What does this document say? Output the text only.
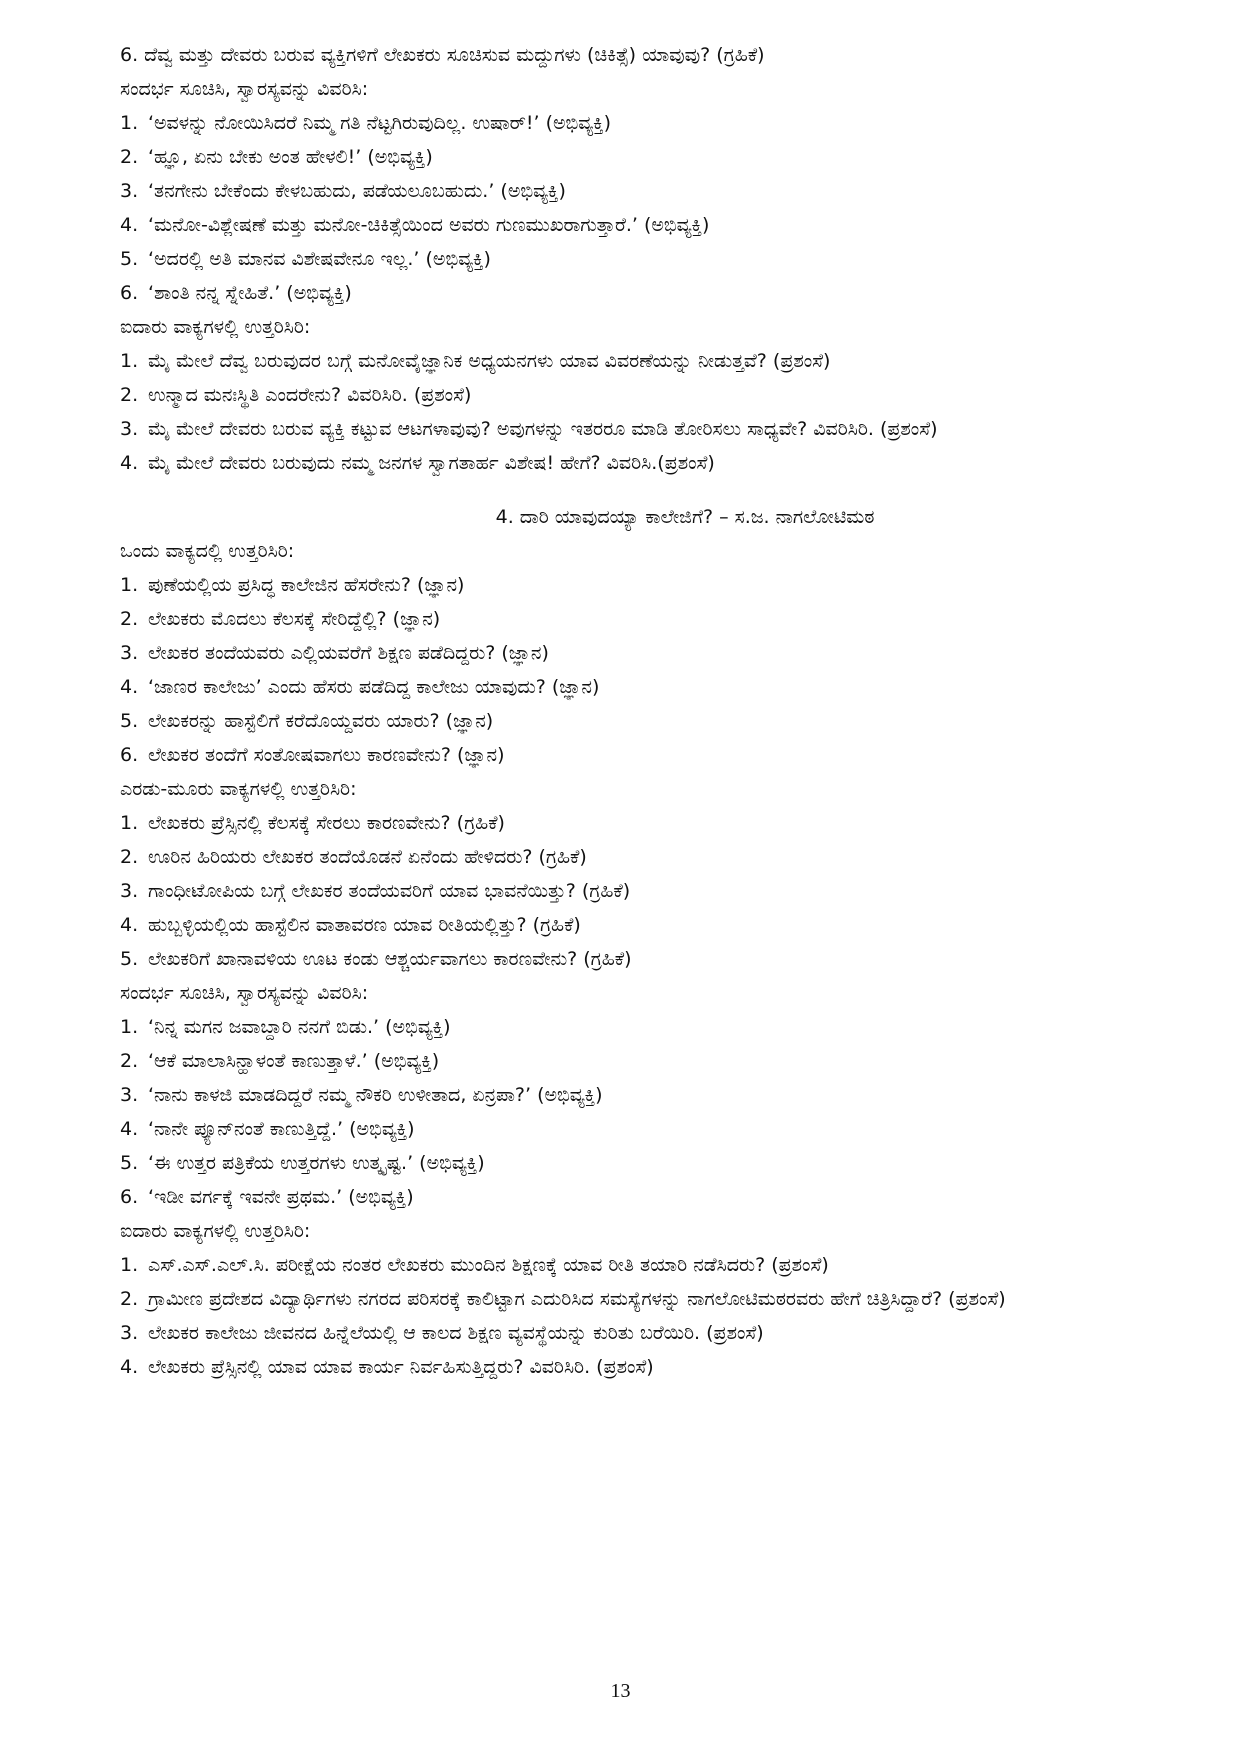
6. ದೆವ್ವ ಮತ್ತು ದೇವರು ಬರುವ ವ್ಯಕ್ತಿಗಳಿಗೆ ಲೇಖಕರು ಸೂಚಿಸುವ ಮದ್ದುಗಳು (ಚಿಕಿತ್ಸೆ) ಯಾವುವು? (ಗ್ರಹಿಕೆ)
ಸಂದರ್ಭ ಸೂಚಿಸಿ, ಸ್ವಾರಸ್ಯವನ್ನು ವಿವರಿಸಿ:
1. ‘ಅವಳನ್ನು ನೋಯಿಸಿದರೆ ನಿಮ್ಮ ಗತಿ ನೆಟ್ಟಗಿರುವುದಿಲ್ಲ. ಉಷಾರ್!’ (ಅಭಿವ್ಯಕ್ತಿ)
2. ‘ಹ್ಞೂ, ಏನು ಬೇಕು ಅಂತ ಹೇಳಲಿ!’ (ಅಭಿವ್ಯಕ್ತಿ)
3. ‘ತನಗೇನು ಬೇಕೆಂದು ಕೇಳಬಹುದು, ಪಡೆಯಲೂಬಹುದು.’ (ಅಭಿವ್ಯಕ್ತಿ)
4. ‘ಮನೋ-ವಿಶ್ಲೇಷಣೆ ಮತ್ತು ಮನೋ-ಚಿಕಿತ್ಸೆಯಿಂದ ಅವರು ಗುಣಮುಖರಾಗುತ್ತಾರೆ.’ (ಅಭಿವ್ಯಕ್ತಿ)
5. ‘ಅದರಲ್ಲಿ ಅತಿ ಮಾನವ ವಿಶೇಷವೇನೂ ಇಲ್ಲ.’ (ಅಭಿವ್ಯಕ್ತಿ)
6. ‘ಶಾಂತಿ ನನ್ನ ಸ್ನೇಹಿತೆ.’ (ಅಭಿವ್ಯಕ್ತಿ)
ಐದಾರು ವಾಕ್ಯಗಳಲ್ಲಿ ಉತ್ತರಿಸಿರಿ:
1. ಮೈ ಮೇಲೆ ದೆವ್ವ ಬರುವುದರ ಬಗ್ಗೆ ಮನೋವೈಜ್ಞಾನಿಕ ಅಧ್ಯಯನಗಳು ಯಾವ ವಿವರಣೆಯನ್ನು ನೀಡುತ್ತವೆ? (ಪ್ರಶಂಸೆ)
2. ಉನ್ಮಾದ ಮನಃಸ್ಥಿತಿ ಎಂದರೇನು? ವಿವರಿಸಿರಿ. (ಪ್ರಶಂಸೆ)
3. ಮೈ ಮೇಲೆ ದೇವರು ಬರುವ ವ್ಯಕ್ತಿ ಕಟ್ಟುವ ಆಟಗಳಾವುವು? ಅವುಗಳನ್ನು ಇತರರೂ ಮಾಡಿ ತೋರಿಸಲು ಸಾಧ್ಯವೇ? ವಿವರಿಸಿರಿ. (ಪ್ರಶಂಸೆ)
4. ಮೈ ಮೇಲೆ ದೇವರು ಬರುವುದು ನಮ್ಮ ಜನಗಳ ಸ್ವಾಗತಾರ್ಹ ವಿಶೇಷ! ಹೇಗೆ? ವಿವರಿಸಿ.(ಪ್ರಶಂಸೆ)
4. ದಾರಿ ಯಾವುದಯ್ಯಾ ಕಾಲೇಜಿಗೆ? – ಸ.ಜ. ನಾಗಲೋಟಿಮಠ
ಒಂದು ವಾಕ್ಯದಲ್ಲಿ ಉತ್ತರಿಸಿರಿ:
1. ಪುಣೆಯಲ್ಲಿಯ ಪ್ರಸಿದ್ಧ ಕಾಲೇಜಿನ ಹೆಸರೇನು? (ಜ್ಞಾನ)
2. ಲೇಖಕರು ಮೊದಲು ಕೆಲಸಕ್ಕೆ ಸೇರಿದ್ದೆಲ್ಲಿ? (ಜ್ಞಾನ)
3. ಲೇಖಕರ ತಂದೆಯವರು ಎಲ್ಲಿಯವರೆಗೆ ಶಿಕ್ಷಣ ಪಡೆದಿದ್ದರು? (ಜ್ಞಾನ)
4. ‘ಜಾಣರ ಕಾಲೇಜು’ ಎಂದು ಹೆಸರು ಪಡೆದಿದ್ದ ಕಾಲೇಜು ಯಾವುದು? (ಜ್ಞಾನ)
5. ಲೇಖಕರನ್ನು ಹಾಸ್ಟೆಲಿಗೆ ಕರೆದೊಯ್ದವರು ಯಾರು? (ಜ್ಞಾನ)
6. ಲೇಖಕರ ತಂದೆಗೆ ಸಂತೋಷವಾಗಲು ಕಾರಣವೇನು? (ಜ್ಞಾನ)
ಎರಡು-ಮೂರು ವಾಕ್ಯಗಳಲ್ಲಿ ಉತ್ತರಿಸಿರಿ:
1. ಲೇಖಕರು ಪ್ರೆಸ್ಸಿನಲ್ಲಿ ಕೆಲಸಕ್ಕೆ ಸೇರಲು ಕಾರಣವೇನು? (ಗ್ರಹಿಕೆ)
2. ಊರಿನ ಹಿರಿಯರು ಲೇಖಕರ ತಂದೆಯೊಡನೆ ಏನೆಂದು ಹೇಳಿದರು? (ಗ್ರಹಿಕೆ)
3. ಗಾಂಧೀಟೋಪಿಯ ಬಗ್ಗೆ ಲೇಖಕರ ತಂದೆಯವರಿಗೆ ಯಾವ ಭಾವನೆಯಿತ್ತು? (ಗ್ರಹಿಕೆ)
4. ಹುಬ್ಬಳ್ಳಿಯಲ್ಲಿಯ ಹಾಸ್ಟೆಲಿನ ವಾತಾವರಣ ಯಾವ ರೀತಿಯಲ್ಲಿತ್ತು? (ಗ್ರಹಿಕೆ)
5. ಲೇಖಕರಿಗೆ ಖಾನಾವಳಿಯ ಊಟ ಕಂಡು ಆಶ್ಚರ್ಯವಾಗಲು ಕಾರಣವೇನು? (ಗ್ರಹಿಕೆ)
ಸಂದರ್ಭ ಸೂಚಿಸಿ, ಸ್ವಾರಸ್ಯವನ್ನು ವಿವರಿಸಿ:
1. ‘ನಿನ್ನ ಮಗನ ಜವಾಬ್ದಾರಿ ನನಗೆ ಬಿಡು.’ (ಅಭಿವ್ಯಕ್ತಿ)
2. ‘ಆಕೆ ಮಾಲಾಸಿನ್ಹಾಳಂತೆ ಕಾಣುತ್ತಾಳೆ.’ (ಅಭಿವ್ಯಕ್ತಿ)
3. ‘ನಾನು ಕಾಳಜಿ ಮಾಡದಿದ್ದರೆ ನಮ್ಮ ನೌಕರಿ ಉಳೀತಾದ, ಏನ್ರಪಾ?’ (ಅಭಿವ್ಯಕ್ತಿ)
4. ‘ನಾನೇ ಪ್ಯೂನ್‌ನಂತೆ ಕಾಣುತ್ತಿದ್ದೆ.’ (ಅಭಿವ್ಯಕ್ತಿ)
5. ‘ಈ ಉತ್ತರ ಪತ್ರಿಕೆಯ ಉತ್ತರಗಳು ಉತ್ಕೃಷ್ಟ.’ (ಅಭಿವ್ಯಕ್ತಿ)
6. ‘ಇಡೀ ವರ್ಗಕ್ಕೆ ಇವನೇ ಪ್ರಥಮ.’ (ಅಭಿವ್ಯಕ್ತಿ)
ಐದಾರು ವಾಕ್ಯಗಳಲ್ಲಿ ಉತ್ತರಿಸಿರಿ:
1. ಎಸ್.ಎಸ್.ಎಲ್.ಸಿ. ಪರೀಕ್ಷೆಯ ನಂತರ ಲೇಖಕರು ಮುಂದಿನ ಶಿಕ್ಷಣಕ್ಕೆ ಯಾವ ರೀತಿ ತಯಾರಿ ನಡೆಸಿದರು? (ಪ್ರಶಂಸೆ)
2. ಗ್ರಾಮೀಣ ಪ್ರದೇಶದ ವಿದ್ಯಾರ್ಥಿಗಳು ನಗರದ ಪರಿಸರಕ್ಕೆ ಕಾಲಿಟ್ಟಾಗ ಎದುರಿಸಿದ ಸಮಸ್ಯೆಗಳನ್ನು ನಾಗಲೋಟಿಮಠರವರು ಹೇಗೆ ಚಿತ್ರಿಸಿದ್ದಾರೆ? (ಪ್ರಶಂಸೆ)
3. ಲೇಖಕರ ಕಾಲೇಜು ಜೀವನದ ಹಿನ್ನೆಲೆಯಲ್ಲಿ ಆ ಕಾಲದ ಶಿಕ್ಷಣ ವ್ಯವಸ್ಥೆಯನ್ನು ಕುರಿತು ಬರೆಯಿರಿ. (ಪ್ರಶಂಸೆ)
4. ಲೇಖಕರು ಪ್ರೆಸ್ಸಿನಲ್ಲಿ ಯಾವ ಯಾವ ಕಾರ್ಯ ನಿರ್ವಹಿಸುತ್ತಿದ್ದರು? ವಿವರಿಸಿರಿ. (ಪ್ರಶಂಸೆ)
13
